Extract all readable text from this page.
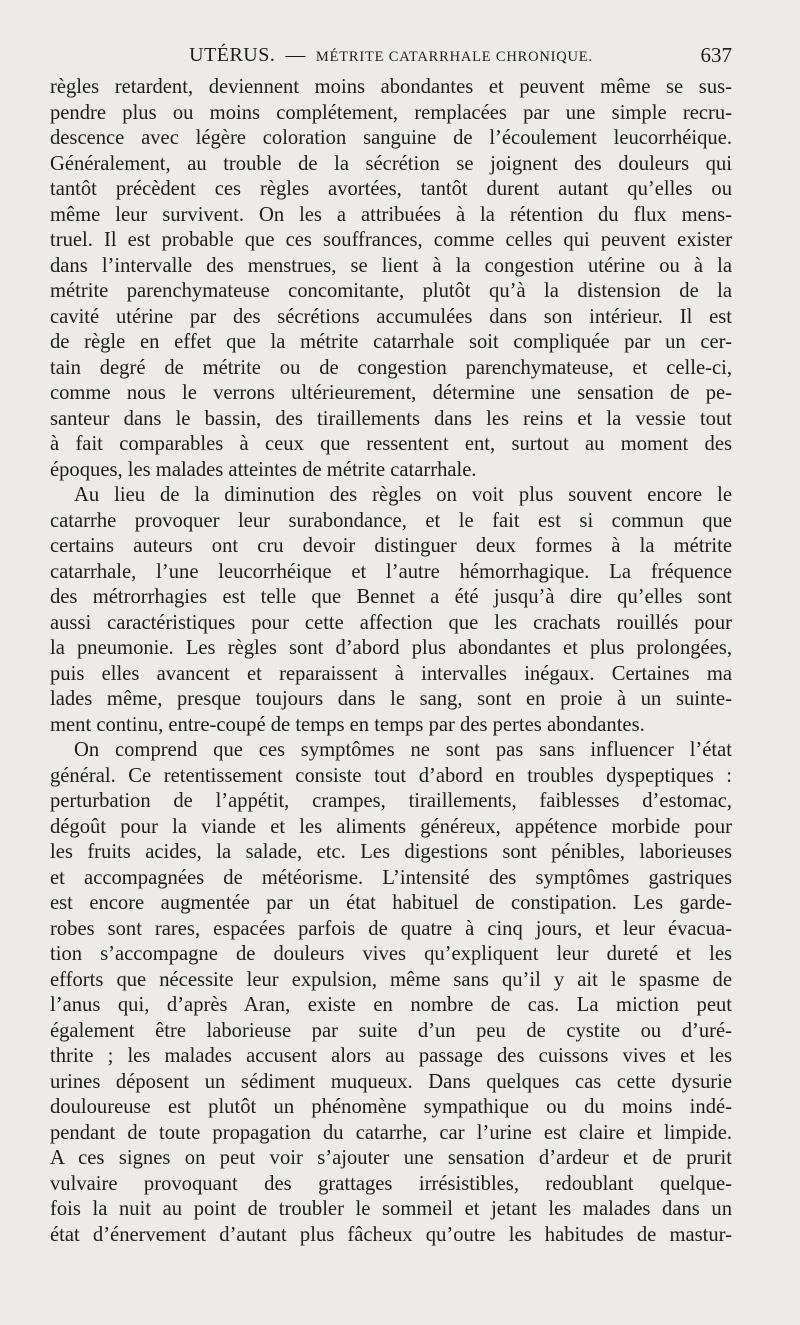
UTÉRUS. — MÉTRITE CATARRHALE CHRONIQUE.	637
règles retardent, deviennent moins abondantes et peuvent même se sus-
pendre plus ou moins complétement, remplacées par une simple recru-
descence avec légère coloration sanguine de l’écoulement leucorrhéique.
Généralement, au trouble de la sécrétion se joignent des douleurs qui
tantôt précèdent ces règles avortées, tantôt durent autant qu’elles ou
même leur survivent. On les a attribuées à la rétention du flux mens-
truel. Il est probable que ces souffrances, comme celles qui peuvent exister
dans l’intervalle des menstrues, se lient à la congestion utérine ou à la
métrite parenchymateuse concomitante, plutôt qu’à la distension de la
cavité utérine par des sécrétions accumulées dans son intérieur. Il est
de règle en effet que la métrite catarrhale soit compliquée par un cer-
tain degré de métrite ou de congestion parenchymateuse, et celle-ci,
comme nous le verrons ultérieurement, détermine une sensation de pe-
santeur dans le bassin, des tiraillements dans les reins et la vessie tout
à fait comparables à ceux que ressentent ent, surtout au moment des
époques, les malades atteintes de métrite catarrhale.
Au lieu de la diminution des règles on voit plus souvent encore le
catarrhe provoquer leur surabondance, et le fait est si commun que
certains auteurs ont cru devoir distinguer deux formes à la métrite
catarrhale, l’une leucorrhéique et l’autre hémorrhagique. La fréquence
des métrorrhagies est telle que Bennet a été jusqu’à dire qu’elles sont
aussi caractéristiques pour cette affection que les crachats rouillés pour
la pneumonie. Les règles sont d’abord plus abondantes et plus prolongées,
puis elles avancent et reparaissent à intervalles inégaux. Certaines ma
lades même, presque toujours dans le sang, sont en proie à un suinte-
ment continu, entre-coupé de temps en temps par des pertes abondantes.
On comprend que ces symptômes ne sont pas sans influencer l’état
général. Ce retentissement consiste tout d’abord en troubles dyspeptiques :
perturbation de l’appétit, crampes, tiraillements, faiblesses d’estomac,
dégoût pour la viande et les aliments généreux, appétence morbide pour
les fruits acides, la salade, etc. Les digestions sont pénibles, laborieuses
et accompagnées de météorisme. L’intensité des symptômes gastriques
est encore augmentée par un état habituel de constipation. Les garde-
robes sont rares, espacées parfois de quatre à cinq jours, et leur évacua-
tion s’accompagne de douleurs vives qu’expliquent leur dureté et les
efforts que nécessite leur expulsion, même sans qu’il y ait le spasme de
l’anus qui, d’après Aran, existe en nombre de cas. La miction peut
également être laborieuse par suite d’un peu de cystite ou d’uré-
thrite ; les malades accusent alors au passage des cuissons vives et les
urines déposent un sédiment muqueux. Dans quelques cas cette dysurie
douloureuse est plutôt un phénomène sympathique ou du moins indé-
pendant de toute propagation du catarrhe, car l’urine est claire et limpide.
A ces signes on peut voir s’ajouter une sensation d’ardeur et de prurit
vulvaire provoquant des grattages irrésistibles, redoublant quelque-
fois la nuit au point de troubler le sommeil et jetant les malades dans un
état d’énervement d’autant plus fâcheux qu’outre les habitudes de mastur-
